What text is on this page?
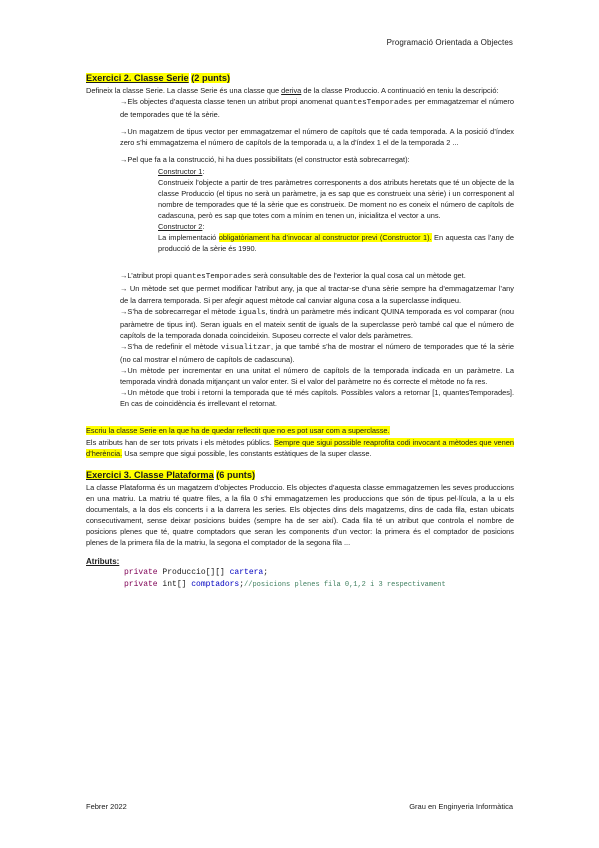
Programació Orientada a Objectes
Exercici 2. Classe Serie (2 punts)

Defineix la classe Serie. La classe Serie és una classe que deriva de la classe Produccio. A continuació en teniu la descripció:

→Els objectes d’aquesta classe tenen un atribut propi anomenat quantesTemporades per emmagatzemar el número de temporades que té la sèrie.

→Un magatzem de tipus vector per emmagatzemar el número de capítols que té cada temporada. A la posició d’índex zero s’hi emmagatzema el número de capítols de la temporada u, a la d’índex 1 el de la temporada 2 ...

→Pel que fa a la construcció, hi ha dues possibilitats (el constructor està sobrecarregat):

Constructor 1:

Construeix l’objecte a partir de tres paràmetres corresponents a dos atributs heretats que té un objecte de la classe Produccio (el tipus no serà un paràmetre, ja es sap que es construeix una sèrie) i un corresponent al nombre de temporades que té la sèrie que es construeix. De moment no es coneix el número de capítols de cadascuna, però es sap que totes com a mínim en tenen un, inicialitza el vector a uns.

Constructor 2:

La implementació obligatòriament ha d’invocar al constructor previ (Constructor 1). En aquesta cas l’any de producció de la sèrie és 1990.

→L’atribut propi quantesTemporades serà consultable des de l’exterior la qual cosa cal un mètode get.

→ Un mètode set que permet modificar l’atribut any, ja que al tractar-se d’una sèrie sempre ha d’emmagatzemar l’any de la darrera temporada. Si per afegir aquest mètode cal canviar alguna cosa a la superclasse indiqueu.

→S’ha de sobrecarregar el mètode iguals, tindrà un paràmetre més indicant QUINA temporada es vol comparar (nou paràmetre de tipus int). Seran iguals en el mateix sentit de iguals de la superclasse però també cal que el número de capítols de la temporada donada coincideixin. Suposeu correcte el valor dels paràmetres.

→S’ha de redefinir el mètode visualitzar, ja que també s’ha de mostrar el número de temporades que té la sèrie (no cal mostrar el número de capítols de cadascuna).

→Un mètode per incrementar en una unitat el número de capítols de la temporada indicada en un paràmetre. La temporada vindrà donada mitjançant un valor enter. Si el valor del paràmetre no és correcte el mètode no fa res.

→Un mètode que trobi i retorni la temporada que té més capítols. Possibles valors a retornar [1, quantesTemporades]. En cas de coincidència és irrellevant el retornat.

Escriu la classe Serie en la que ha de quedar reflectit que no es pot usar com a superclasse.

Els atributs han de ser tots privats i els mètodes públics. Sempre que sigui possible reaprofita codi invocant a mètodes que venen d’herència. Usa sempre que sigui possible, les constants estàtiques de la super classe.

Exercici 3. Classe Plataforma (6 punts)

La classe Plataforma és un magatzem d’objectes Produccio. Els objectes d’aquesta classe emmagatzemen les seves produccions en una matriu. La matriu té quatre files, a la fila 0 s’hi emmagatzemen les produccions que són de tipus pel·lícula, a la u els documentals, a la dos els concerts i a la darrera les series. Els objectes dins dels magatzems, dins de cada fila, estan ubicats consecutivament, sense deixar posicions buides (sempre ha de ser així). Cada fila té un atribut que controla el nombre de posicions plenes que té, quatre comptadors que seran les components d’un vector: la primera és el comptador de posicions plenes de la primera fila de la matriu, la segona el comptador de la segona fila ...

Atributs:
private Produccio[][] cartera;
private int[] comptadors;//posicions plenes fila 0,1,2 i 3 respectivament
Febrer 2022	Grau en Enginyeria Informàtica
